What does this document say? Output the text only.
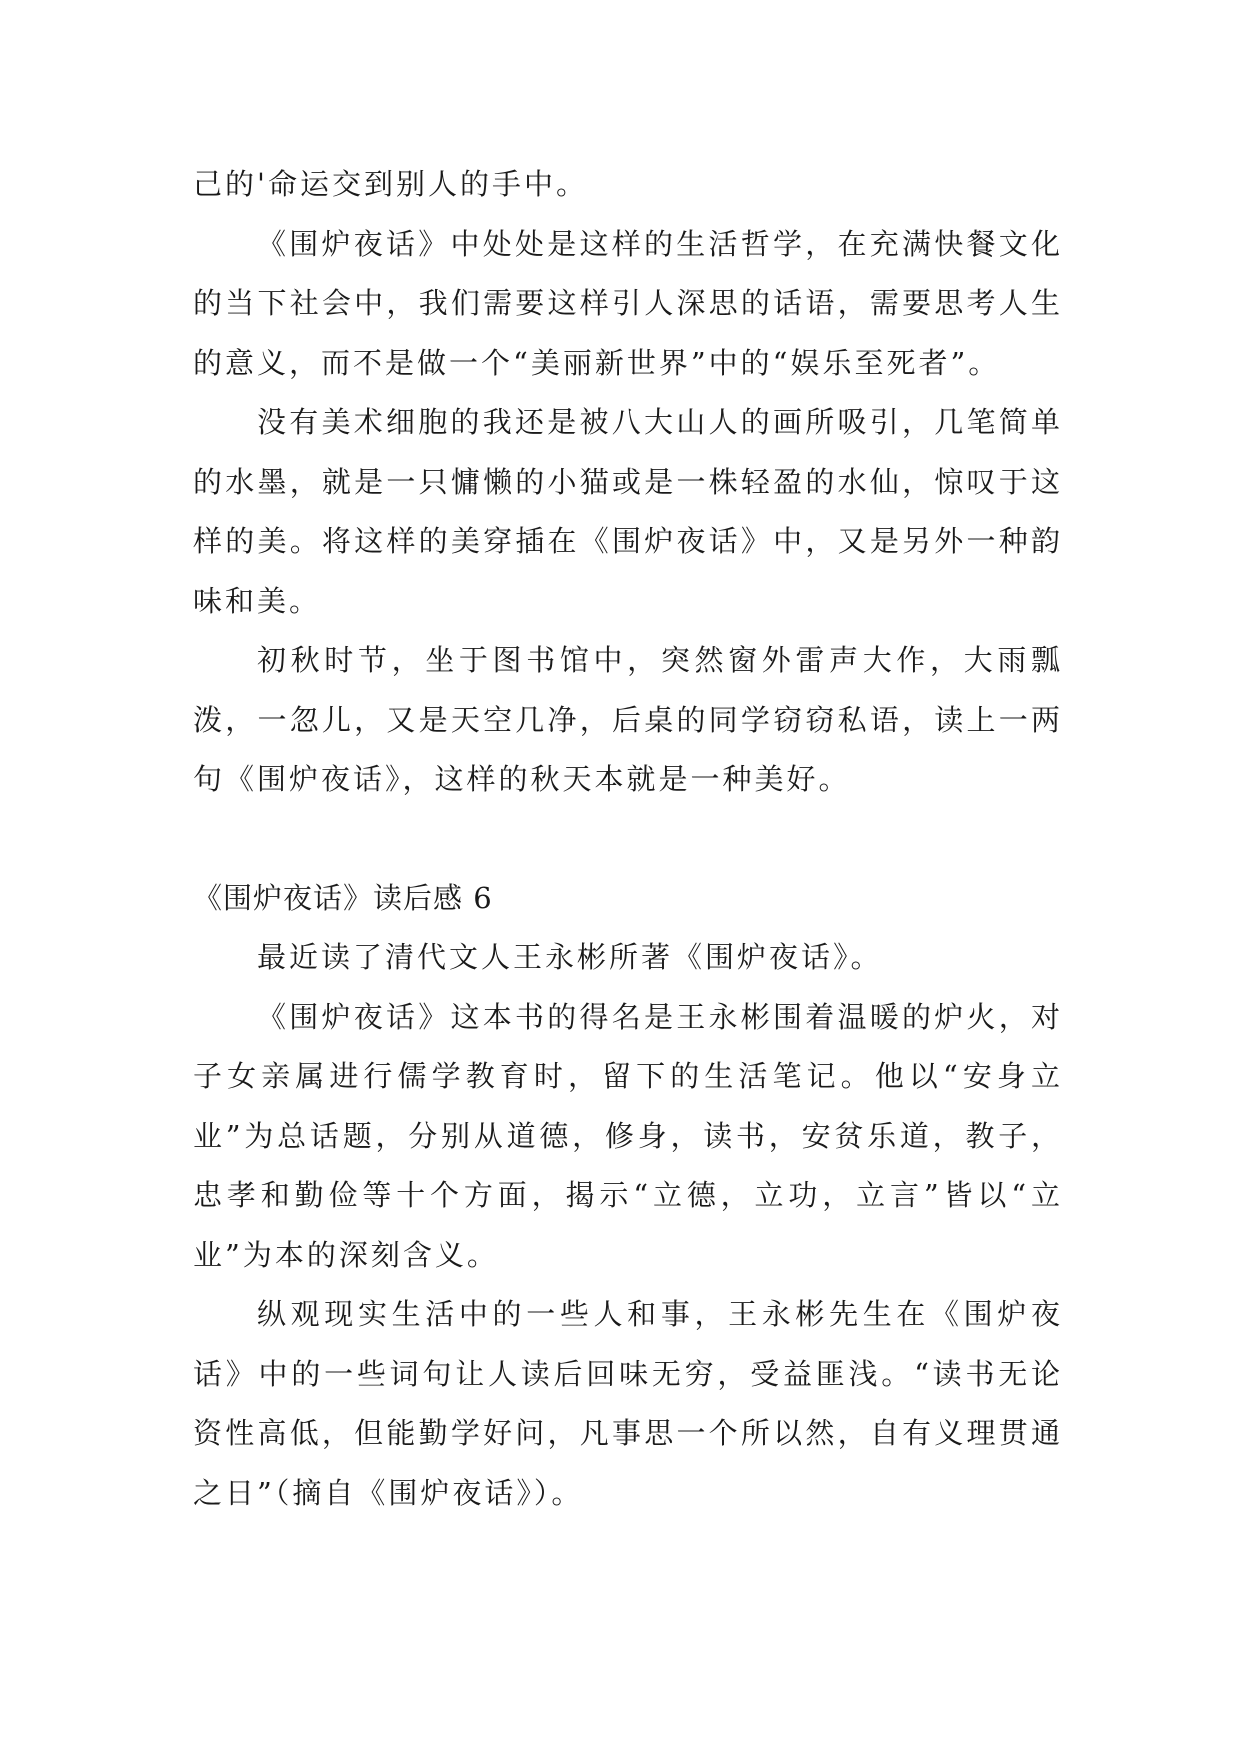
己的'命运交到别人的手中。

《围炉夜话》中处处是这样的生活哲学，在充满快餐文化的当下社会中，我们需要这样引人深思的话语，需要思考人生的意义，而不是做一个“美丽新世界”中的“娱乐至死者”。

没有美术细胞的我还是被八大山人的画所吸引，几笔简单的水墨，就是一只慵懒的小猫或是一株轻盈的水仙，惊叹于这样的美。将这样的美穿插在《围炉夜话》中，又是另外一种韵味和美。

初秋时节，坐于图书馆中，突然窗外雷声大作，大雨瓢泼，一忽儿，又是天空几净，后桌的同学窃窃私语，读上一两句《围炉夜话》，这样的秋天本就是一种美好。

《围炉夜话》读后感 6

最近读了清代文人王永彬所著《围炉夜话》。

《围炉夜话》这本书的得名是王永彬围着温暖的炉火，对子女亲属进行儒学教育时，留下的生活笔记。他以“安身立业”为总话题，分别从道德，修身，读书，安贫乐道，教子，忠孝和勤俭等十个方面，揭示“立德，立功，立言”皆以“立业”为本的深刻含义。

纵观现实生活中的一些人和事，王永彬先生在《围炉夜话》中的一些词句让人读后回味无穷，受益匪浅。“读书无论资性高低，但能勤学好问，凡事思一个所以然，自有义理贯通之日”（摘自《围炉夜话》）。
